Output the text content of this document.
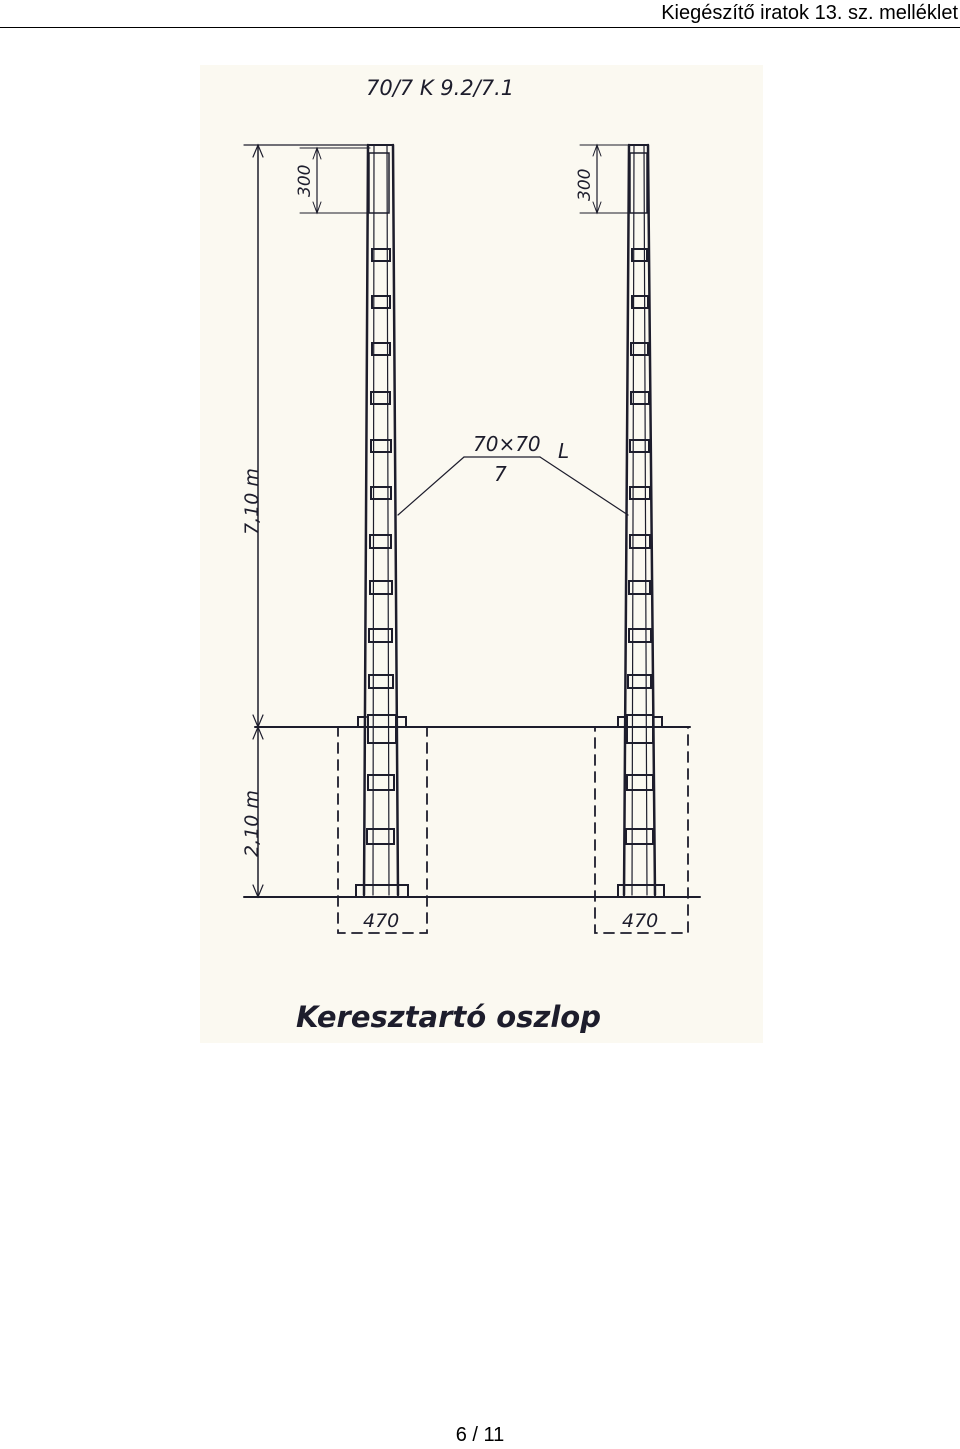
Kiegészítő iratok 13. sz. melléklet
70/7 K 9.2/7.1
300	300
7,10 m
2,10 m
70×70 L
7
470	470
Keresztartó oszlop
6 / 11
